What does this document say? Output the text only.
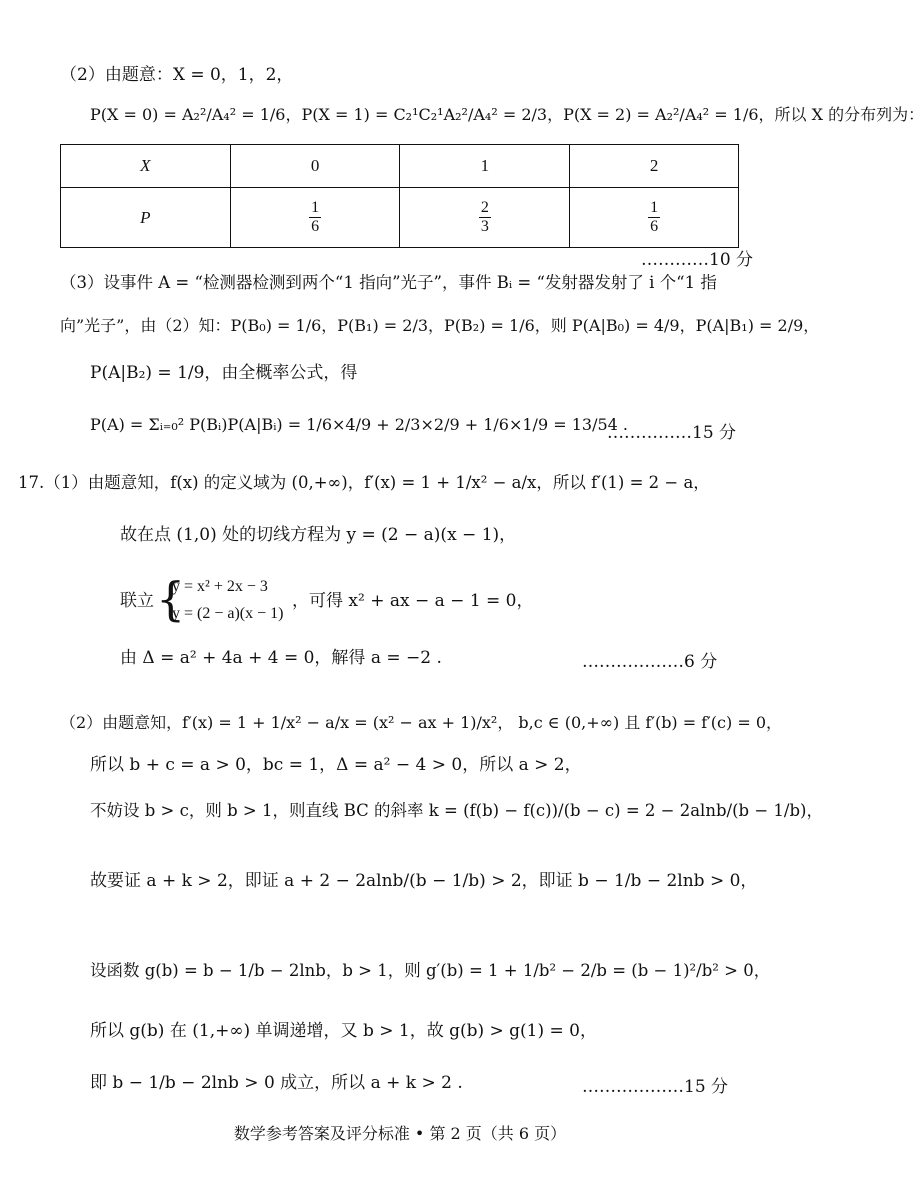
（2）由题意：X = 0，1，2，
P(X = 0) = A₂²/A₄² = 1/6，P(X = 1) = C₂¹C₂¹A₂²/A₄² = 2/3，P(X = 2) = A₂²/A₄² = 1/6，所以 X 的分布列为：
X	0	1	2
P	$\frac{1}{6}$	$\frac{2}{3}$	$\frac{1}{6}$
…………10 分
（3）设事件 A = “检测器检测到两个“1 指向”光子”，事件 Bᵢ = “发射器发射了 i 个“1 指
向”光子”，由（2）知：P(B₀) = 1/6，P(B₁) = 2/3，P(B₂) = 1/6，则 P(A|B₀) = 4/9，P(A|B₁) = 2/9，
P(A|B₂) = 1/9，由全概率公式，得
P(A) = Σᵢ₌₀² P(Bᵢ)P(A|Bᵢ) = 1/6×4/9 + 2/3×2/9 + 1/6×1/9 = 13/54 .
……………15 分
17.（1）由题意知，f(x) 的定义域为 (0,+∞)，f′(x) = 1 + 1/x² − a/x，所以 f′(1) = 2 − a，
故在点 (1,0) 处的切线方程为 y = (2 − a)(x − 1)，
联立 {
y = x² + 2x − 3
y = (2 − a)(x − 1)
，可得 x² + ax − a − 1 = 0，
由 Δ = a² + 4a + 4 = 0，解得 a = −2 .	………………6 分
（2）由题意知，f′(x) = 1 + 1/x² − a/x = (x² − ax + 1)/x²， b,c ∈ (0,+∞) 且 f′(b) = f′(c) = 0，
所以 b + c = a > 0，bc = 1，Δ = a² − 4 > 0，所以 a > 2，
不妨设 b > c，则 b > 1，则直线 BC 的斜率 k = (f(b) − f(c))/(b − c) = 2 − 2alnb/(b − 1/b)，
故要证 a + k > 2，即证 a + 2 − 2alnb/(b − 1/b) > 2，即证 b − 1/b − 2lnb > 0，
设函数 g(b) = b − 1/b − 2lnb，b > 1，则 g′(b) = 1 + 1/b² − 2/b = (b − 1)²/b² > 0，
所以 g(b) 在 (1,+∞) 单调递增，又 b > 1，故 g(b) > g(1) = 0，
即 b − 1/b − 2lnb > 0 成立，所以 a + k > 2 .	………………15 分
数学参考答案及评分标准 • 第 2 页（共 6 页）
